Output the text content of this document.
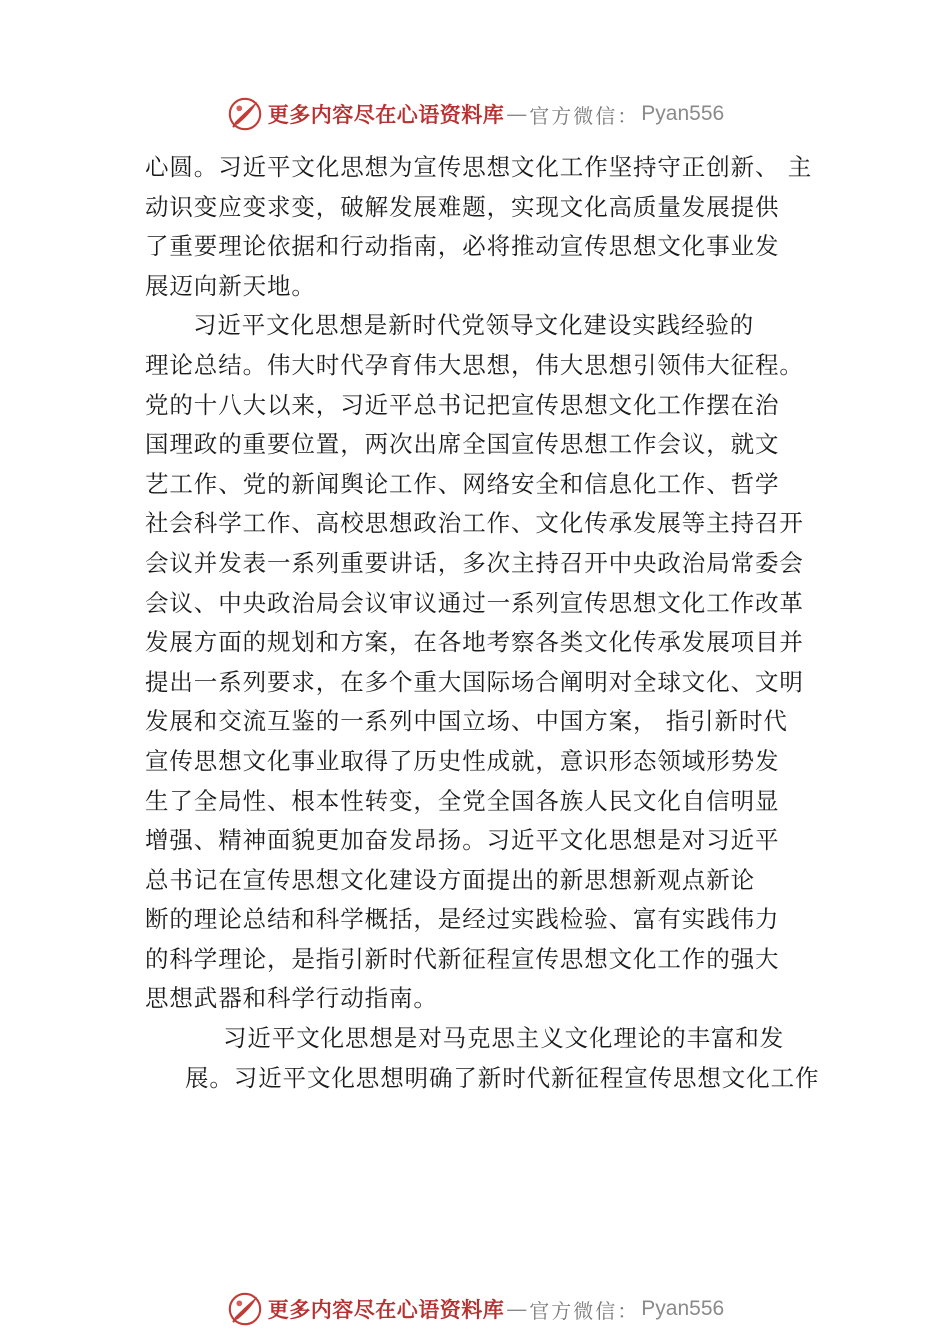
更多内容尽在心语资料库 — 官方微信： Pyan556
心圆。习近平文化思想为宣传思想文化工作坚持守正创新、 主
动识变应变求变，破解发展难题，实现文化高质量发展提供
了重要理论依据和行动指南，必将推动宣传思想文化事业发
展迈向新天地。
习近平文化思想是新时代党领导文化建设实践经验的
理论总结。伟大时代孕育伟大思想，伟大思想引领伟大征程。
党的十八大以来，习近平总书记把宣传思想文化工作摆在治
国理政的重要位置，两次出席全国宣传思想工作会议，就文
艺工作、党的新闻舆论工作、网络安全和信息化工作、哲学
社会科学工作、高校思想政治工作、文化传承发展等主持召开
会议并发表一系列重要讲话，多次主持召开中央政治局常委会
会议、中央政治局会议审议通过一系列宣传思想文化工作改革
发展方面的规划和方案，在各地考察各类文化传承发展项目并
提出一系列要求，在多个重大国际场合阐明对全球文化、文明
发展和交流互鉴的一系列中国立场、中国方案， 指引新时代
宣传思想文化事业取得了历史性成就，意识形态领域形势发
生了全局性、根本性转变，全党全国各族人民文化自信明显
增强、精神面貌更加奋发昂扬。习近平文化思想是对习近平
总书记在宣传思想文化建设方面提出的新思想新观点新论
断的理论总结和科学概括，是经过实践检验、富有实践伟力
的科学理论，是指引新时代新征程宣传思想文化工作的强大
思想武器和科学行动指南。
习近平文化思想是对马克思主义文化理论的丰富和发
展。习近平文化思想明确了新时代新征程宣传思想文化工作
更多内容尽在心语资料库 — 官方微信： Pyan556
